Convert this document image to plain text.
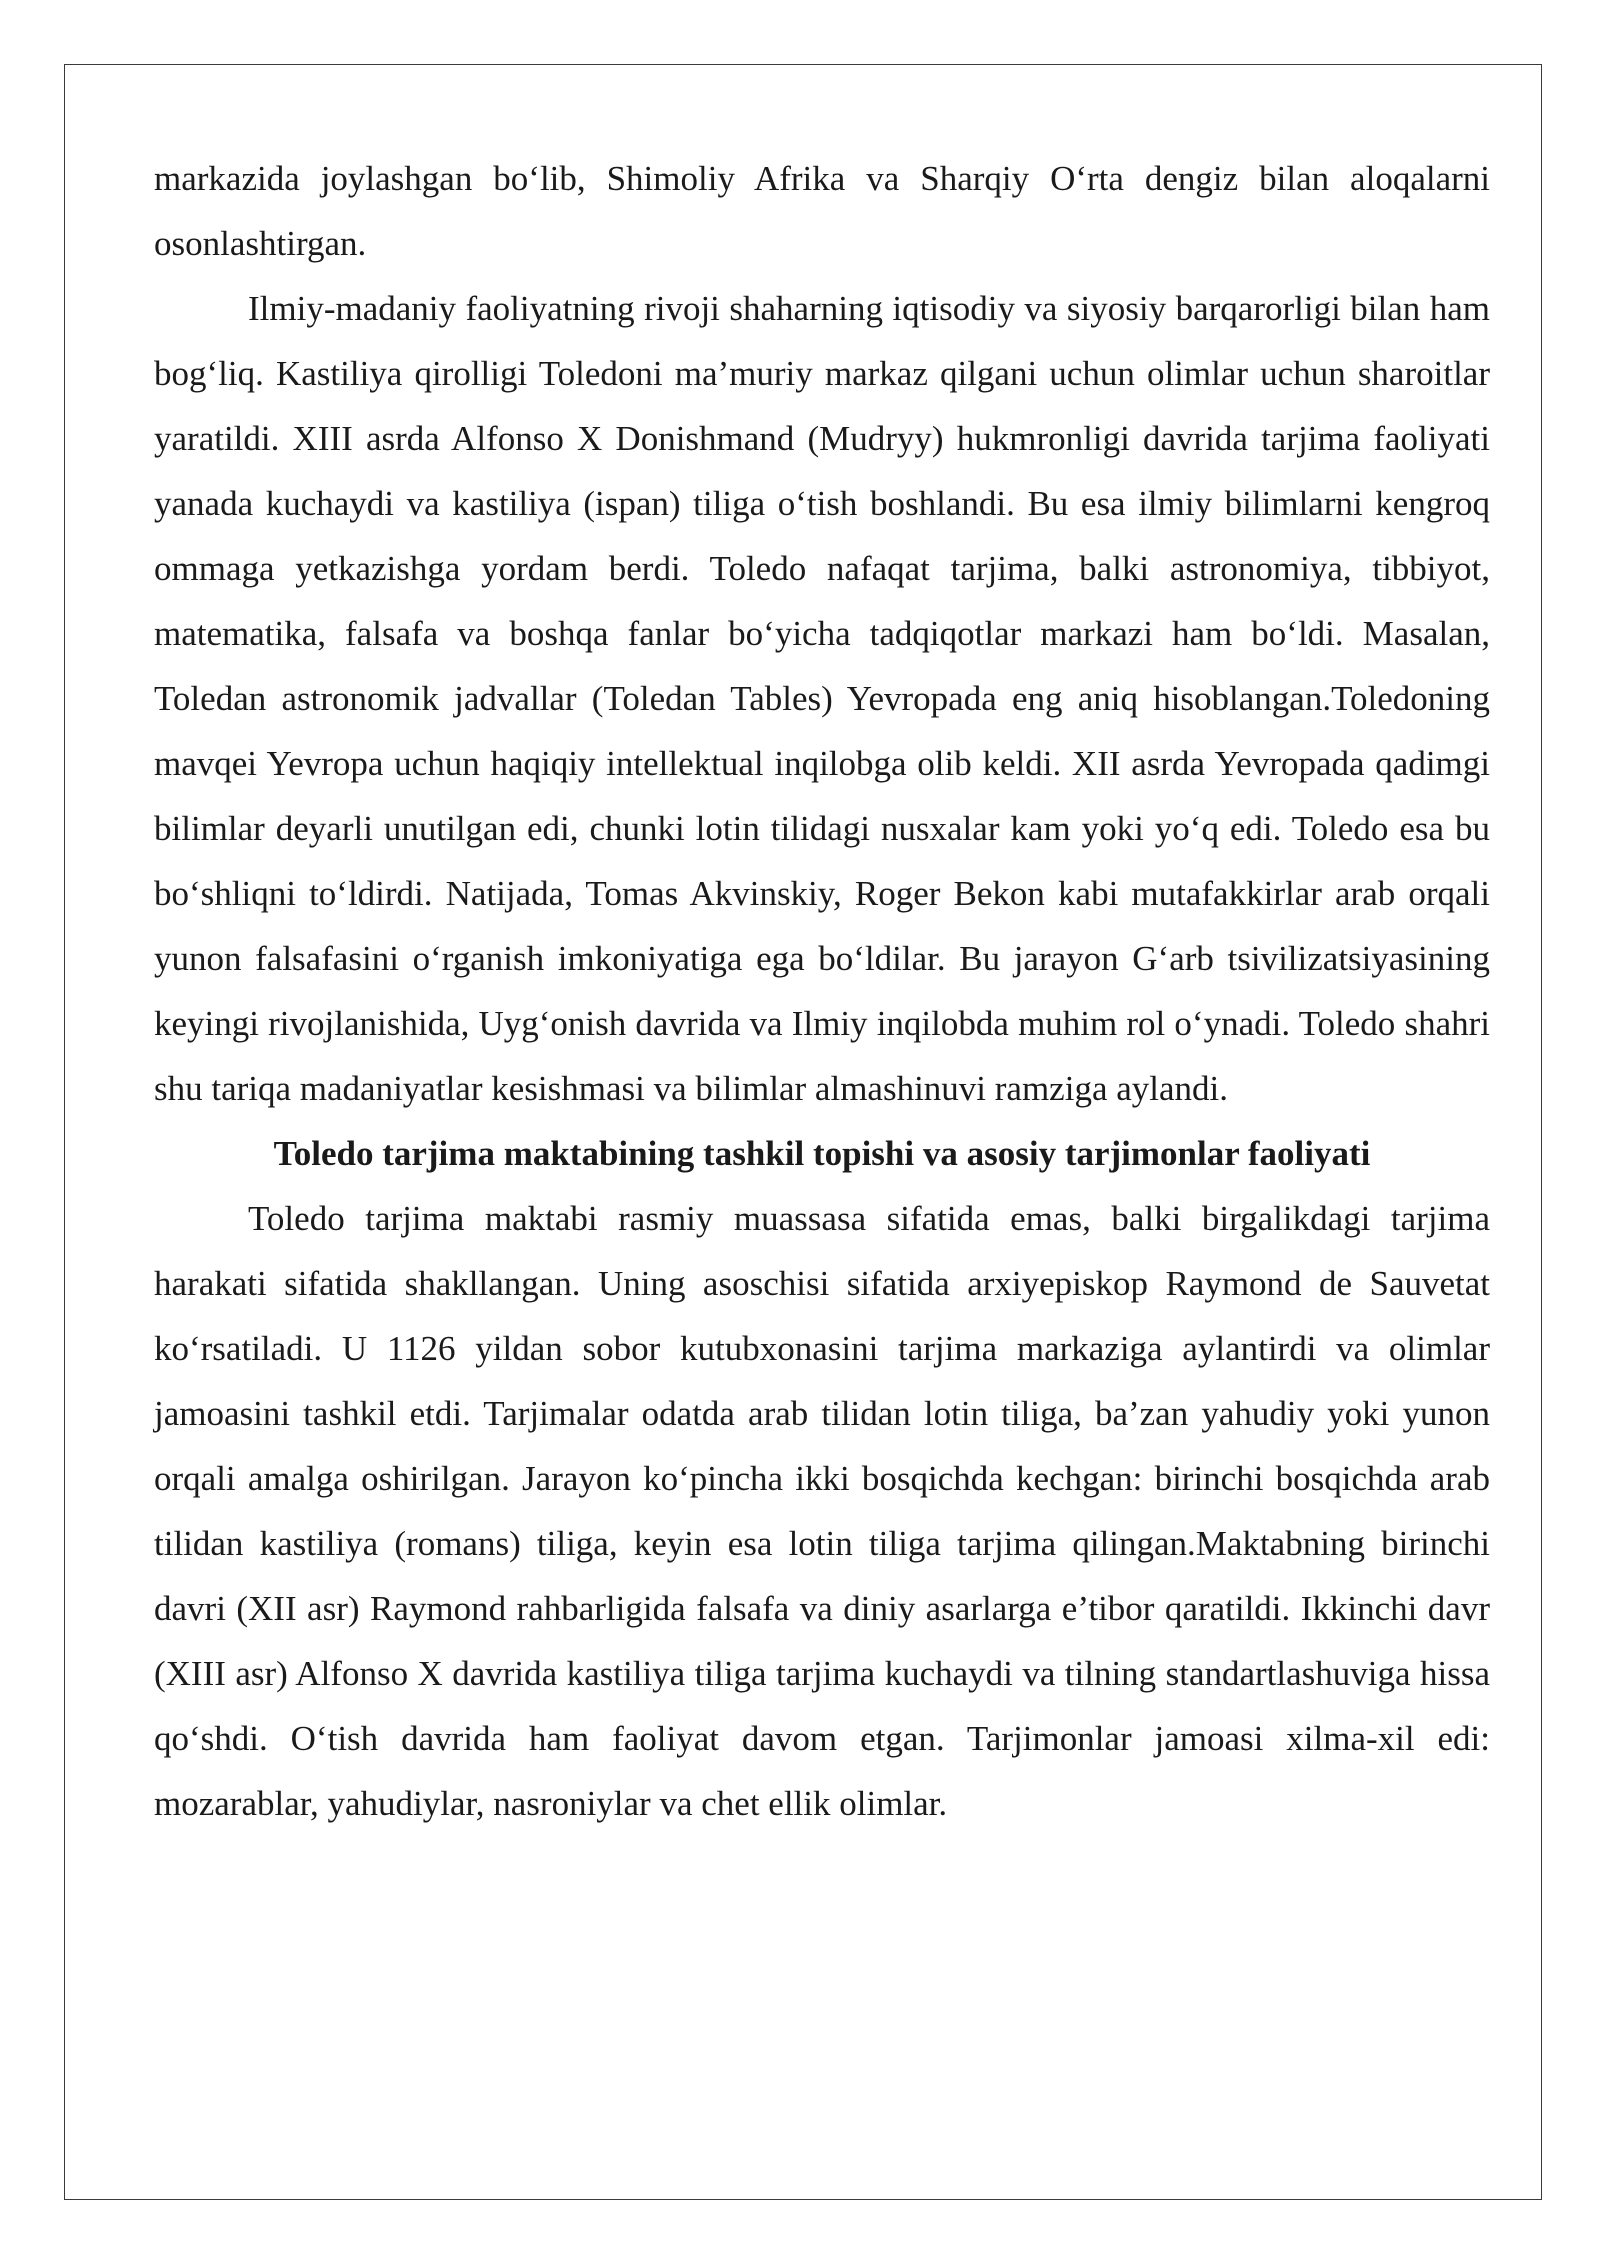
markazida joylashgan bo‘lib, Shimoliy Afrika va Sharqiy O‘rta dengiz bilan aloqalarni osonlashtirgan.

Ilmiy-madaniy faoliyatning rivoji shaharning iqtisodiy va siyosiy barqarorligi bilan ham bog‘liq. Kastiliya qirolligi Toledoni ma’muriy markaz qilgani uchun olimlar uchun sharoitlar yaratildi. XIII asrda Alfonso X Donishmand (Mudryy) hukmronligi davrida tarjima faoliyati yanada kuchaydi va kastiliya (ispan) tiliga o‘tish boshlandi. Bu esa ilmiy bilimlarni kengroq ommaga yetkazishga yordam berdi. Toledo nafaqat tarjima, balki astronomiya, tibbiyot, matematika, falsafa va boshqa fanlar bo‘yicha tadqiqotlar markazi ham bo‘ldi. Masalan, Toledan astronomik jadvallar (Toledan Tables) Yevropada eng aniq hisoblangan.Toledoning mavqei Yevropa uchun haqiqiy intellektual inqilobga olib keldi. XII asrda Yevropada qadimgi bilimlar deyarli unutilgan edi, chunki lotin tilidagi nusxalar kam yoki yo‘q edi. Toledo esa bu bo‘shliqni to‘ldirdi. Natijada, Tomas Akvinskiy, Roger Bekon kabi mutafakkirlar arab orqali yunon falsafasini o‘rganish imkoniyatiga ega bo‘ldilar. Bu jarayon G‘arb tsivilizatsiyasining keyingi rivojlanishida, Uyg‘onish davrida va Ilmiy inqilobda muhim rol o‘ynadi. Toledo shahri shu tariqa madaniyatlar kesishmasi va bilimlar almashinuvi ramziga aylandi.

Toledo tarjima maktabining tashkil topishi va asosiy tarjimonlar faoliyati

Toledo tarjima maktabi rasmiy muassasa sifatida emas, balki birgalikdagi tarjima harakati sifatida shakllangan. Uning asoschisi sifatida arxiyepiskop Raymond de Sauvetat ko‘rsatiladi. U 1126 yildan sobor kutubxonasini tarjima markaziga aylantirdi va olimlar jamoasini tashkil etdi. Tarjimalar odatda arab tilidan lotin tiliga, ba’zan yahudiy yoki yunon orqali amalga oshirilgan. Jarayon ko‘pincha ikki bosqichda kechgan: birinchi bosqichda arab tilidan kastiliya (romans) tiliga, keyin esa lotin tiliga tarjima qilingan.Maktabning birinchi davri (XII asr) Raymond rahbarligida falsafa va diniy asarlarga e’tibor qaratildi. Ikkinchi davr (XIII asr) Alfonso X davrida kastiliya tiliga tarjima kuchaydi va tilning standartlashuviga hissa qo‘shdi. O‘tish davrida ham faoliyat davom etgan. Tarjimonlar jamoasi xilma-xil edi: mozarablar, yahudiylar, nasroniylar va chet ellik olimlar.
